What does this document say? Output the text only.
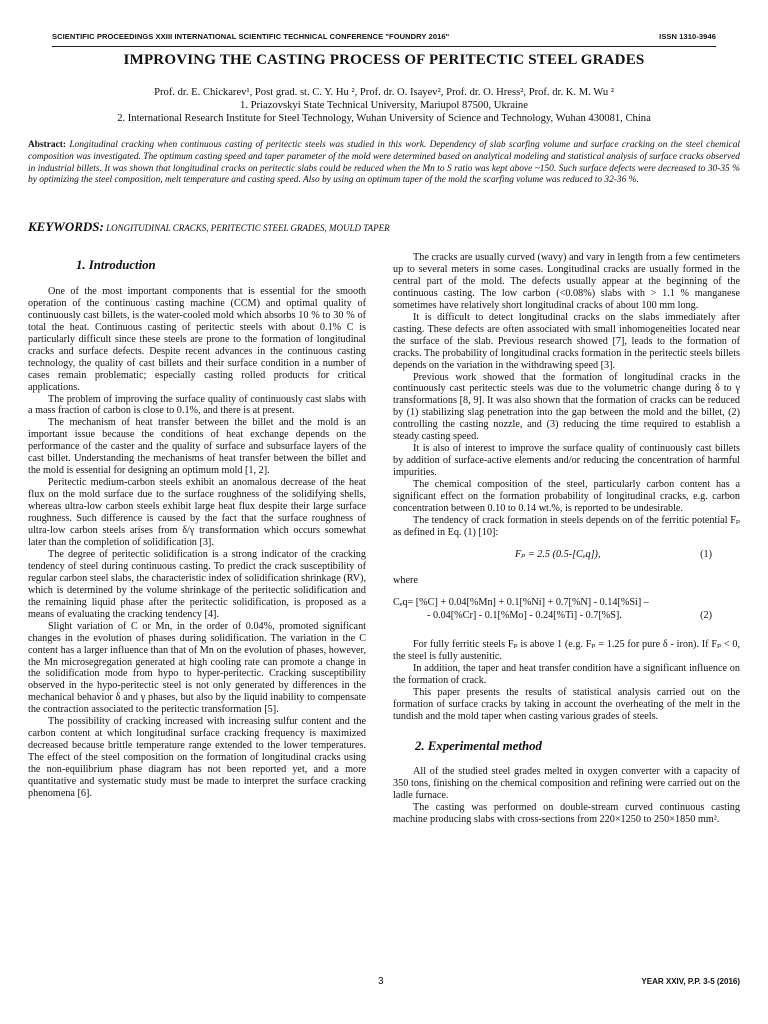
SCIENTIFIC PROCEEDINGS XXIII INTERNATIONAL SCIENTIFIC TECHNICAL CONFERENCE "FOUNDRY 2016"	ISSN 1310-3946
IMPROVING THE CASTING PROCESS OF PERITECTIC STEEL GRADES
Prof. dr. E. Chickarev¹, Post grad. st. C. Y. Hu ², Prof. dr. O. Isayev², Prof. dr. O. Hress², Prof. dr. K. M. Wu ²
1. Priazovskyi State Technical University, Mariupol 87500, Ukraine
2. International Research Institute for Steel Technology, Wuhan University of Science and Technology, Wuhan 430081, China
Abstract: Longitudinal cracking when continuous casting of peritectic steels was studied in this work. Dependency of slab scarfing volume and surface cracking on the steel chemical composition was investigated. The optimum casting speed and taper parameter of the mold were determined based on analytical modeling and statistical analysis of surface cracks observed in industrial billets. It was shown that longitudinal cracks on peritectic slabs could be reduced when the Mn to S ratio was kept above ~150. Such surface defects were decreased to 30-35 % by optimizing the steel composition, melt temperature and casting speed. Also by using an optimum taper of the mold the scarfing volume was reduced to 32-36 %.
KEYWORDS: LONGITUDINAL CRACKS, PERITECTIC STEEL GRADES, MOULD TAPER
1. Introduction

One of the most important components that is essential for the smooth operation of the continuous casting machine (CCM) and optimal quality of continuously cast billets, is the water-cooled mold which absorbs 10 % to 30 % of total the heat. Continuous casting of peritectic steels with about 0.1% C is particularly difficult since these steels are prone to the formation of longitudinal cracks and surface defects. Despite recent advances in the continuous casting technology, the quality of cast billets and their surface condition in a number of cases remain problematic; especially casting rolled products for critical applications.

The problem of improving the surface quality of continuously cast slabs with a mass fraction of carbon is close to 0.1%, and there is at present.

The mechanism of heat transfer between the billet and the mold is an important issue because the conditions of heat exchange depends on the performance of the caster and the quality of surface and subsurface layers of the cast billet. Understanding the mechanisms of heat transfer between the billet and the mold is essential for designing an optimum mold [1, 2].

Peritectic medium-carbon steels exhibit an anomalous decrease of the heat flux on the mold surface due to the surface roughness of the solidifying shells, whereas ultra-low carbon steels exhibit large heat flux despite their large surface roughness. Such difference is caused by the fact that the surface roughness of ultra-low carbon steels arises from δ/γ transformation which occurs somewhat later than the completion of solidification [3].

The degree of peritectic solidification is a strong indicator of the cracking tendency of steel during continuous casting. To predict the crack susceptibility of regular carbon steel slabs, the characteristic index of solidification shrinkage (RV), which is determined by the volume shrinkage of the peritectic solidification and the remaining liquid phase after the peritectic solidification, is proposed as a means of evaluating the cracking tendency [4].

Slight variation of C or Mn, in the order of 0.04%, promoted significant changes in the evolution of phases during solidification. The variation in the C content has a larger influence than that of Mn on the evolution of phases, however, the Mn microsegregation generated at high cooling rate can promote a change in the solidification mode from hypo to hyper-peritectic. Cracking susceptibility observed in the hypo-peritectic steel is not only generated by differences in the mechanical behavior δ and γ phases, but also by the liquid inability to compensate the contraction associated to the peritectic transformation [5].

The possibility of cracking increased with increasing sulfur content and the carbon content at which longitudinal surface cracking frequency is maximized decreased because brittle temperature range extended to the lower temperatures. The effect of the steel composition on the formation of longitudinal cracks using the non-equilibrium phase diagram has not been reported yet, and a more quantitative and systematic study must be made to interpret the surface cracking phenomena [6].

The cracks are usually curved (wavy) and vary in length from a few centimeters up to several meters in some cases. Longitudinal cracks are usually formed in the central part of the mold. The defects usually appear at the beginning of the continuous casting. The low carbon (<0.08%) slabs with > 1.1 % manganese sometimes have relatively short longitudinal cracks of about 100 mm long.

It is difficult to detect longitudinal cracks on the slabs immediately after casting. These defects are often associated with small inhomogeneities located near the surface of the slab. Previous research showed [7], leads to the formation of cracks. The probability of longitudinal cracks formation in the peritectic steels billets depends on the variation in the withdrawing speed [3].

Previous work showed that the formation of longitudinal cracks in the continuously cast peritectic steels was due to the volumetric change during δ to γ transformations [8, 9]. It was also shown that the formation of cracks can be reduced by (1) stabilizing slag penetration into the gap between the mold and the billet, (2) controlling the casting nozzle, and (3) reducing the time required to establish a steady casting speed.

It is also of interest to improve the surface quality of continuously cast billets by addition of surface-active elements and/or reducing the concentration of harmful impurities.

The chemical composition of the steel, particularly carbon content has a significant effect on the formation probability of longitudinal cracks, e.g. carbon concentration between 0.10 to 0.14 wt.%, is reported to be undesirable.

The tendency of crack formation in steels depends on of the ferritic potential Fₚ as defined in Eq. (1) [10]:

Fₚ = 2.5 (0.5-[Cₑq]),	(1)

where

Cₑq= [%C] + 0.04[%Mn] + 0.1[%Ni] + 0.7[%N] - 0.14[%Si] –
- 0.04[%Cr] - 0.1[%Mo] - 0.24[%Ti] - 0.7[%S].	(2)

For fully ferritic steels Fₚ is above 1 (e.g. Fₚ = 1.25 for pure δ - iron). If Fₚ < 0, the steel is fully austenitic.

In addition, the taper and heat transfer condition have a significant influence on the formation of crack.

This paper presents the results of statistical analysis carried out on the formation of surface cracks by taking in account the overheating of the melt in the tundish and the mold taper when casting various grades of steels.

2. Experimental method

All of the studied steel grades melted in oxygen converter with a capacity of 350 tons, finishing on the chemical composition and refining were carried out on the ladle furnace.

The casting was performed on double-stream curved continuous casting machine producing slabs with cross-sections from 220×1250 to 250×1850 mm².

3	YEAR XXIV, P.P. 3-5 (2016)
